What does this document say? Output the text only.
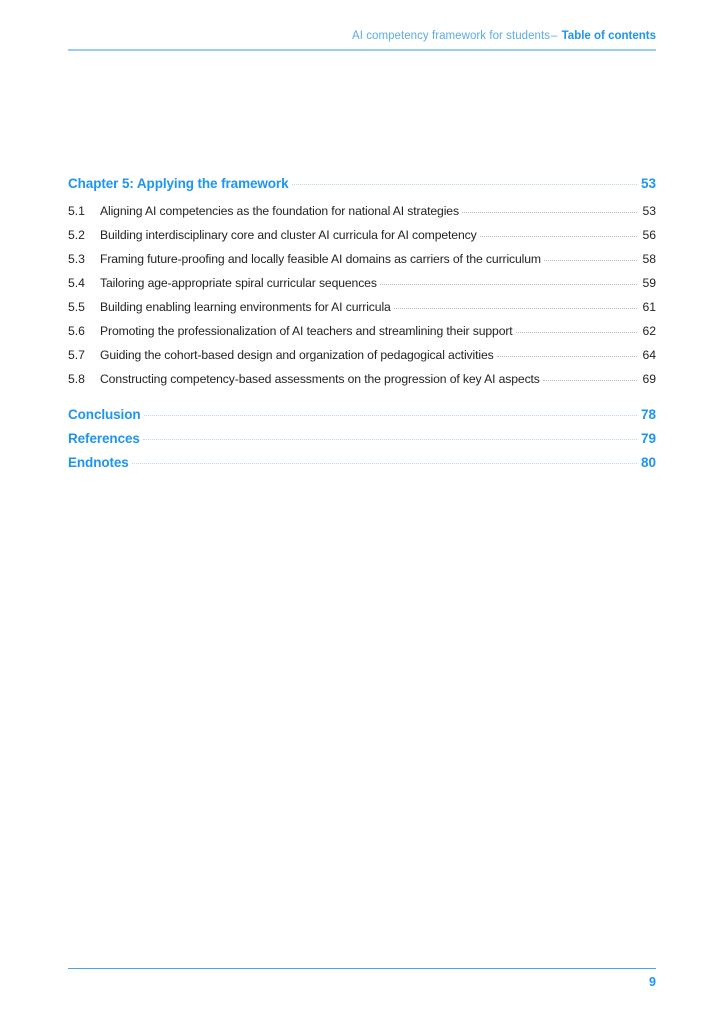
AI competency framework for students– Table of contents
Chapter 5: Applying the framework	53
5.1	Aligning AI competencies as the foundation for national AI strategies	53
5.2	Building interdisciplinary core and cluster AI curricula for AI competency	56
5.3	Framing future-proofing and locally feasible AI domains as carriers of the curriculum	58
5.4	Tailoring age-appropriate spiral curricular sequences	59
5.5	Building enabling learning environments for AI curricula	61
5.6	Promoting the professionalization of AI teachers and streamlining their support	62
5.7	Guiding the cohort-based design and organization of pedagogical activities	64
5.8	Constructing competency-based assessments on the progression of key AI aspects	69
Conclusion	78
References	79
Endnotes	80
9
